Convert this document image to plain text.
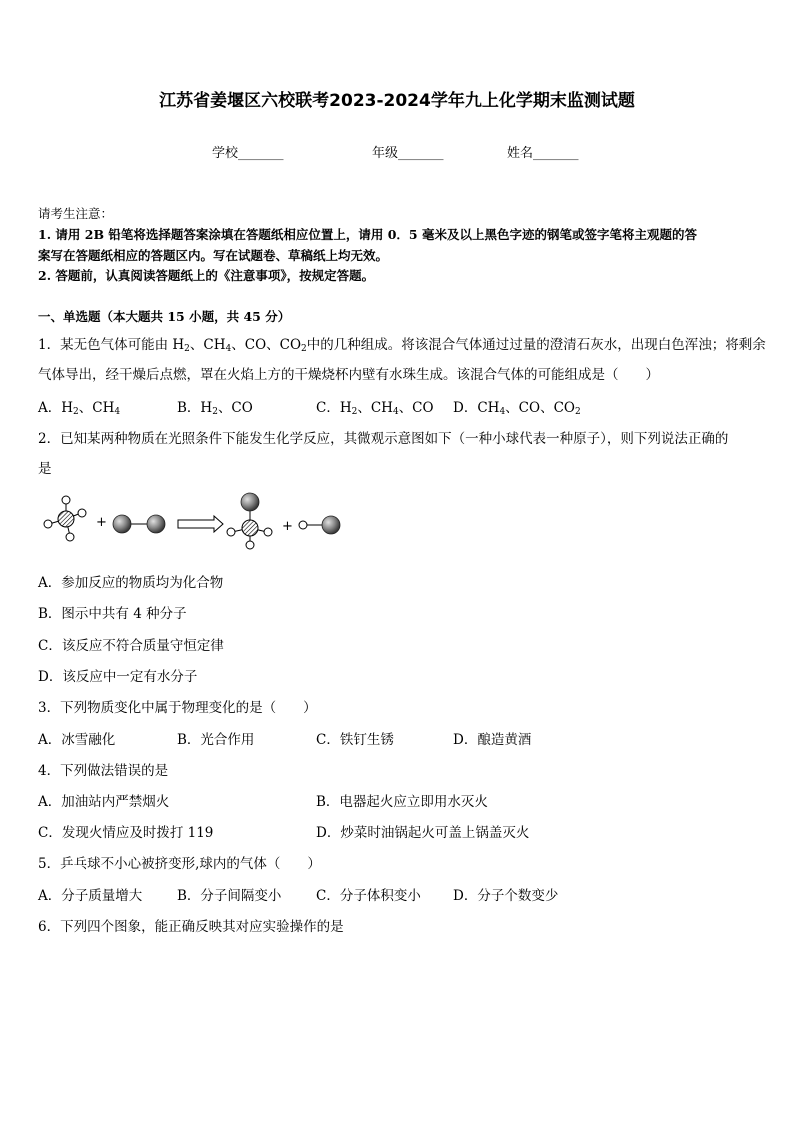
江苏省姜堰区六校联考2023-2024学年九上化学期末监测试题
学校_______	年级_______	姓名_______
请考生注意：
1. 请用 2B 铅笔将选择题答案涂填在答题纸相应位置上，请用 0．5 毫米及以上黑色字迹的钢笔或签字笔将主观题的答
案写在答题纸相应的答题区内。写在试题卷、草稿纸上均无效。
2. 答题前，认真阅读答题纸上的《注意事项》，按规定答题。
一、单选题（本大题共 15 小题，共 45 分）
1．某无色气体可能由 $H_2$、$CH_4$、CO、$CO_2$中的几种组成。将该混合气体通过过量的澄清石灰水，出现白色浑浊；将剩余
气体导出，经干燥后点燃，罩在火焰上方的干燥烧杯内壁有水珠生成。该混合气体的可能组成是（　　）
A．$H_2$、$CH_4$	B．$H_2$、CO	C．$H_2$、$CH_4$、CO D．$CH_4$、CO、$CO_2$
2．已知某两种物质在光照条件下能发生化学反应，其微观示意图如下（一种小球代表一种原子），则下列说法正确的
是
+	+
A．参加反应的物质均为化合物
B．图示中共有 4 种分子
C．该反应不符合质量守恒定律
D．该反应中一定有水分子
3．下列物质变化中属于物理变化的是（　　）
A．冰雪融化	B．光合作用	C．铁钉生锈	D．酿造黄酒
4．下列做法错误的是
A．加油站内严禁烟火	B．电器起火应立即用水灭火
C．发现火情应及时拨打 119	D．炒菜时油锅起火可盖上锅盖灭火
5．乒乓球不小心被挤变形,球内的气体（　　）
A．分子质量增大	B．分子间隔变小	C．分子体积变小 D．分子个数变少
6．下列四个图象，能正确反映其对应实验操作的是
